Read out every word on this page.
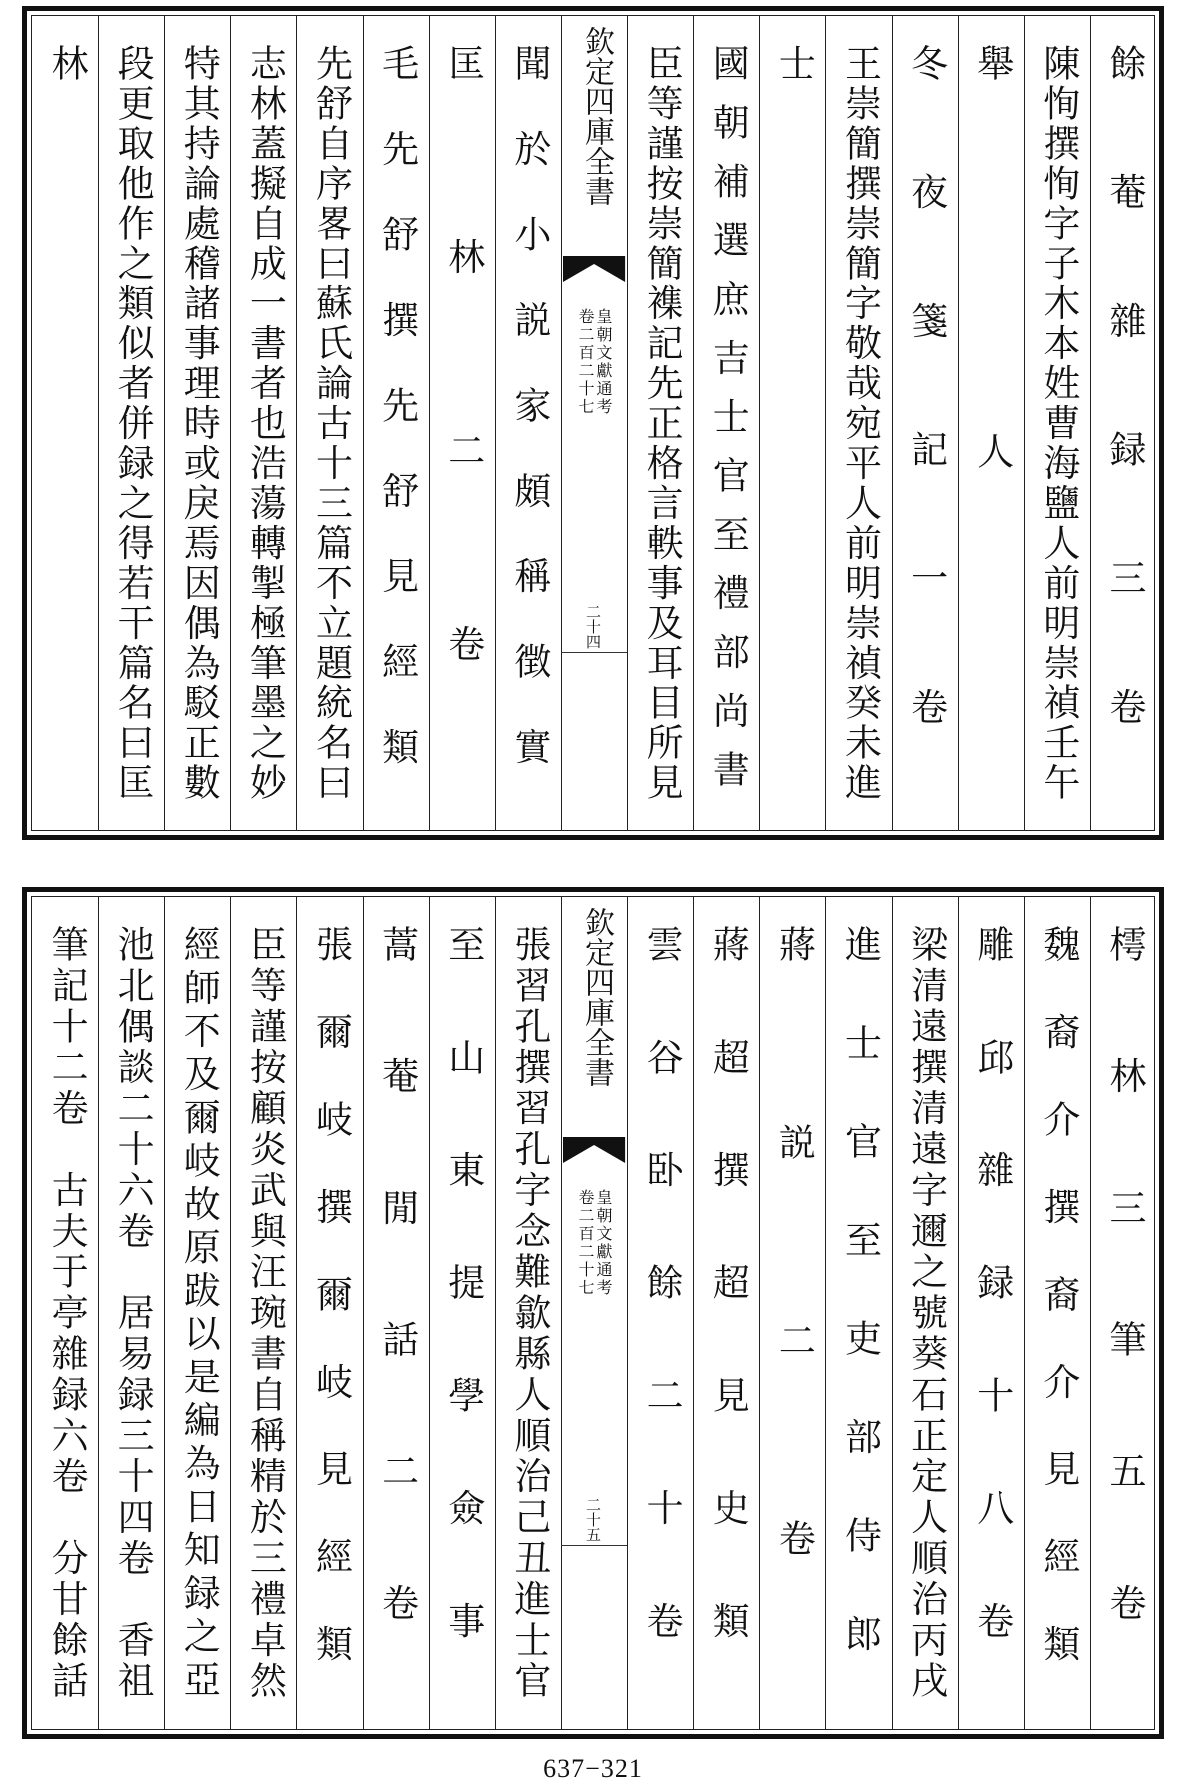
餘菴雜録三卷
陳恂撰恂字子木本姓曹海鹽人前明崇禎壬午
舉人
冬夜箋記一卷
王崇簡撰崇簡字敬哉宛平人前明崇禎癸未進
士
國朝補選庶吉士官至禮部尚書
臣等謹按崇簡襍記先正格言軼事及耳目所見
欽定四庫全書
皇朝文獻通考
卷二百二十七
二十四
聞於小説家頗稱徴實
匡林二卷
毛先舒撰先舒見經類
先舒自序畧曰蘇氏論古十三篇不立題統名曰
志林蓋擬自成一書者也浩蕩轉掣極筆墨之妙
特其持論處稽諸事理時或戾焉因偶為駁正數
段更取他作之類似者併録之得若干篇名曰匡
林
樗林三筆五卷
魏裔介撰裔介見經類
雕邱雜録十八卷
梁清遠撰清遠字邇之號葵石正定人順治丙戌
進士官至吏部侍郎
蔣説二卷
蔣超撰超見史類
雲谷卧餘二十卷
欽定四庫全書
皇朝文獻通考
卷二百二十七
二十五
張習孔撰習孔字念難歙縣人順治己丑進士官
至山東提學僉事
蒿菴閒話二卷
張爾岐撰爾岐見經類
臣等謹按顧炎武與汪琬書自稱精於三禮卓然
經師不及爾岐故原跋以是編為日知録之亞
池北偶談二十六卷　居易録三十四卷　香祖
筆記十二卷　古夫于亭雜録六卷　分甘餘話
637−321
